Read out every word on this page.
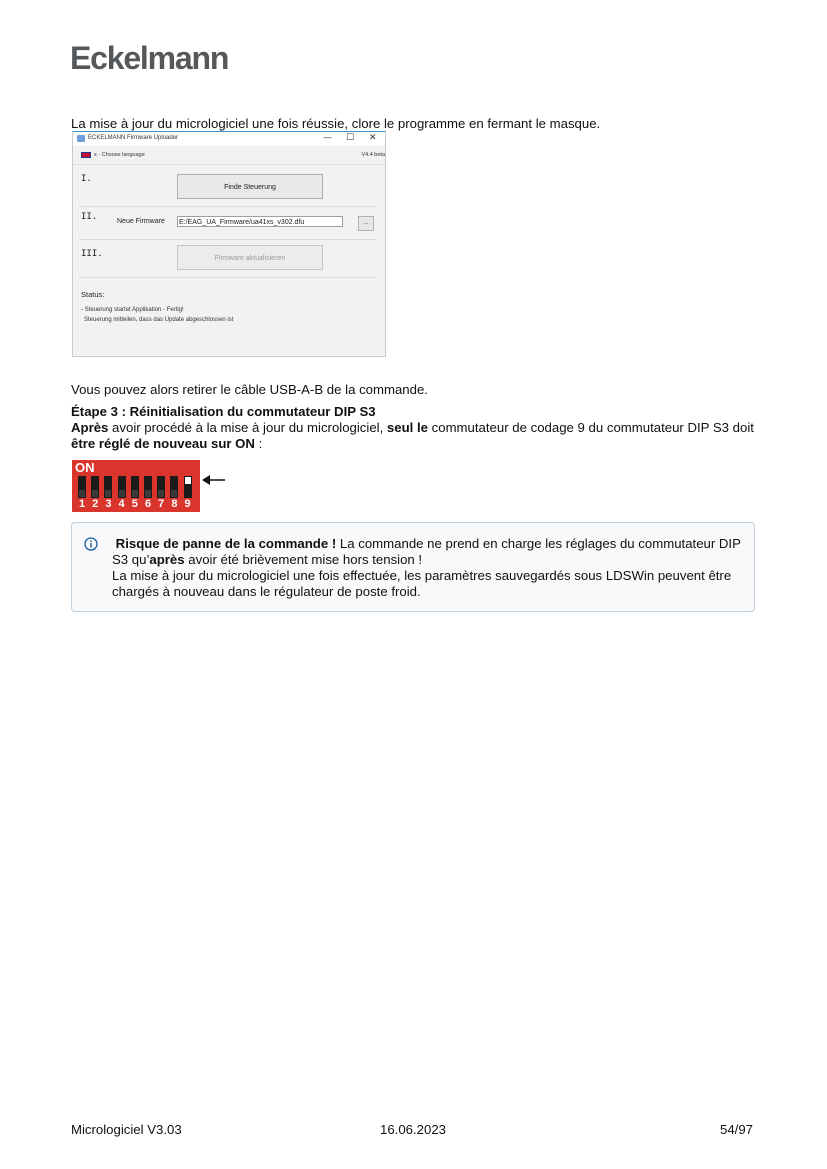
Eckelmann
La mise à jour du micrologiciel une fois réussie, clore le programme en fermant le masque.
ECKELMANN Firmware Uploader	— ☐ ✕
x - Choose language	V4.4 beta
I.
Finde Steuerung
II.	Neue Firmware E:/EAG_UA_Firmware/ua41xs_v302.dfu	...
III.	Firmware aktualisieren
Status:
- Steuerung startet Applikation - Fertig!
Steuerung mitteilen, dass das Update abgeschlossen ist
Vous pouvez alors retirer le câble USB-A-B de la commande.
Étape 3 : Réinitialisation du commutateur DIP S3
Après avoir procédé à la mise à jour du micrologiciel, seul le commutateur de codage 9 du commutateur DIP S3 doit être réglé de nouveau sur ON :
ON
1 2 3 4 5 6 7 8 9
Risque de panne de la commande ! La commande ne prend en charge les réglages du commutateur DIP S3 qu’après avoir été brièvement mise hors tension !
La mise à jour du micrologiciel une fois effectuée, les paramètres sauvegardés sous LDSWin peuvent être chargés à nouveau dans le régulateur de poste froid.
Micrologiciel V3.03	16.06.2023	54/97
